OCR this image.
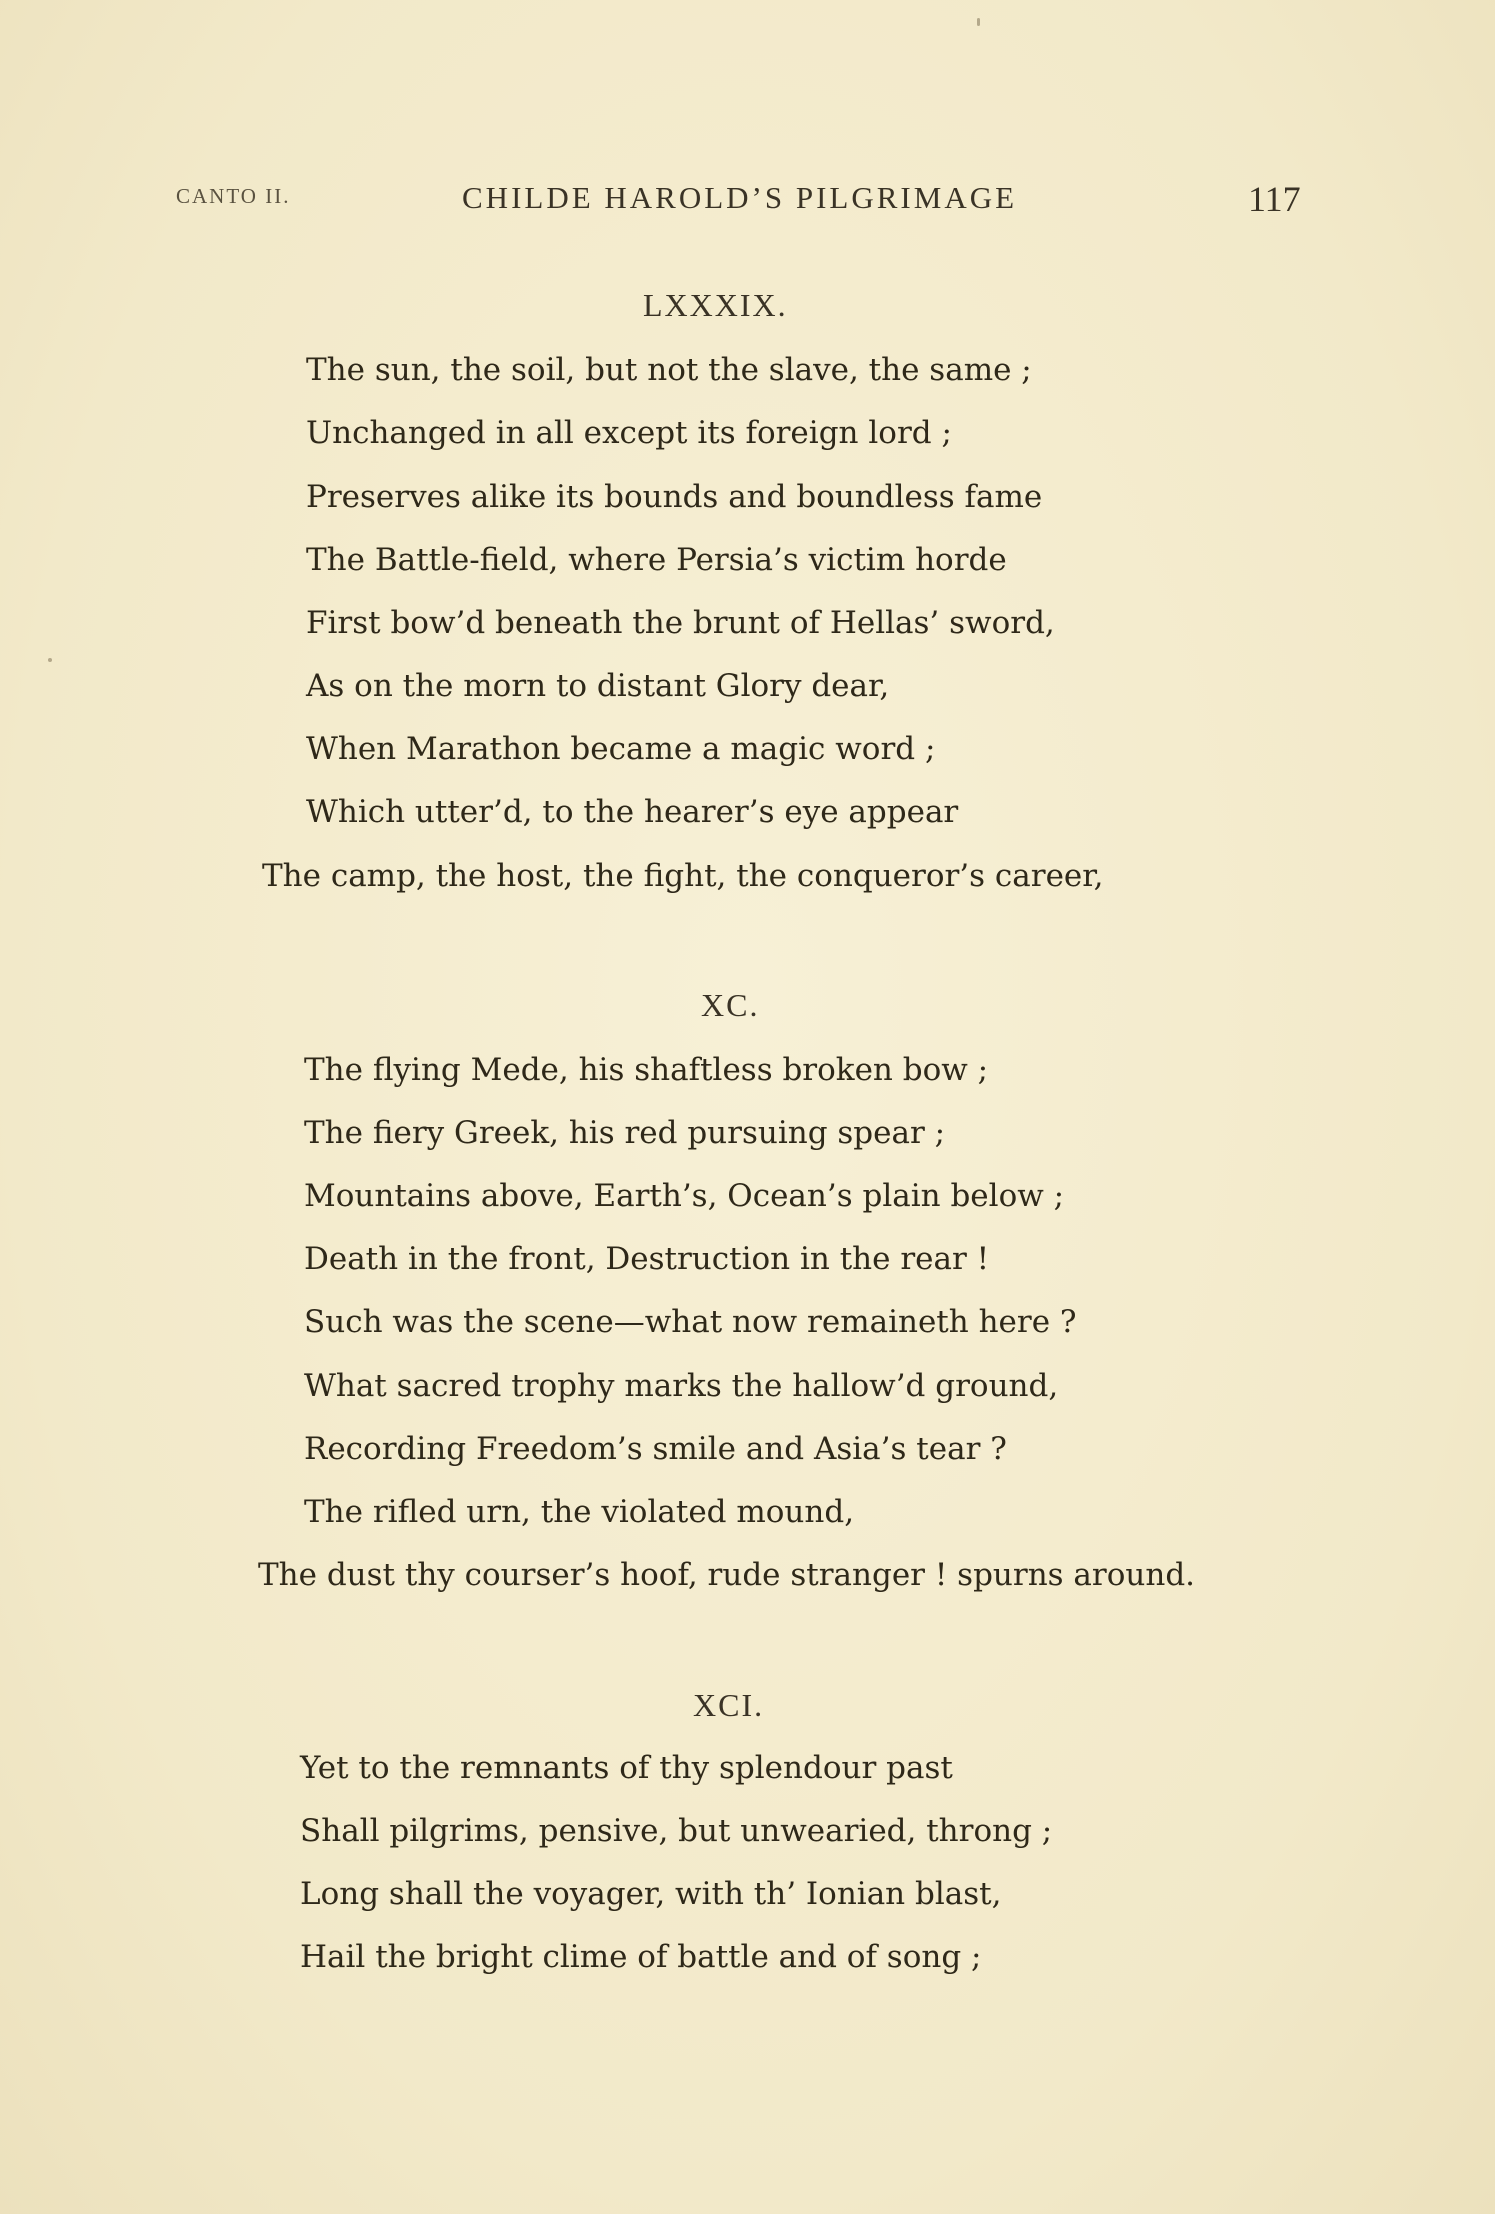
CANTO II.	CHILDE HAROLD’S PILGRIMAGE	117
LXXXIX.
The sun, the soil, but not the slave, the same ;
Unchanged in all except its foreign lord ;
Preserves alike its bounds and boundless fame
The Battle-field, where Persia’s victim horde
First bow’d beneath the brunt of Hellas’ sword,
As on the morn to distant Glory dear,
When Marathon became a magic word ;
Which utter’d, to the hearer’s eye appear
The camp, the host, the fight, the conqueror’s career,
XC.
The flying Mede, his shaftless broken bow ;
The fiery Greek, his red pursuing spear ;
Mountains above, Earth’s, Ocean’s plain below ;
Death in the front, Destruction in the rear !
Such was the scene—what now remaineth here ?
What sacred trophy marks the hallow’d ground,
Recording Freedom’s smile and Asia’s tear ?
The rifled urn, the violated mound,
The dust thy courser’s hoof, rude stranger ! spurns around.
XCI.
Yet to the remnants of thy splendour past
Shall pilgrims, pensive, but unwearied, throng ;
Long shall the voyager, with th’ Ionian blast,
Hail the bright clime of battle and of song ;
